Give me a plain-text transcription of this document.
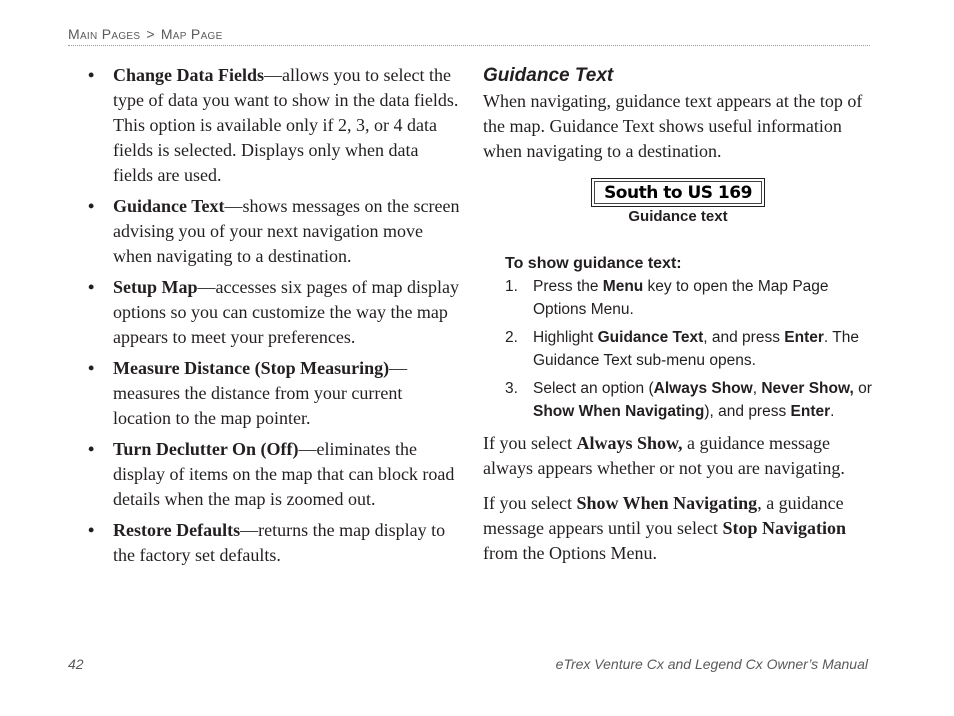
Main Pages > Map Page
• Change Data Fields—allows you to select the type of data you want to show in the data fields. This option is available only if 2, 3, or 4 data fields is selected. Displays only when data fields are used.
• Guidance Text—shows messages on the screen advising you of your next navigation move when navigating to a destination.
• Setup Map—accesses six pages of map display options so you can customize the way the map appears to meet your preferences.
• Measure Distance (Stop Measuring)— measures the distance from your current location to the map pointer.
• Turn Declutter On (Off)—eliminates the display of items on the map that can block road details when the map is zoomed out.
• Restore Defaults—returns the map display to the factory set defaults.
Guidance Text

When navigating, guidance text appears at the top of the map. Guidance Text shows useful information when navigating to a destination.

South to US 169
Guidance text
To show guidance text:
1. Press the Menu key to open the Map Page Options Menu.
2. Highlight Guidance Text, and press Enter. The Guidance Text sub-menu opens.
3. Select an option (Always Show, Never Show, or Show When Navigating), and press Enter.

If you select Always Show, a guidance message always appears whether or not you are navigating.

If you select Show When Navigating, a guidance message appears until you select Stop Navigation from the Options Menu.

42	eTrex Venture Cx and Legend Cx Owner’s Manual
